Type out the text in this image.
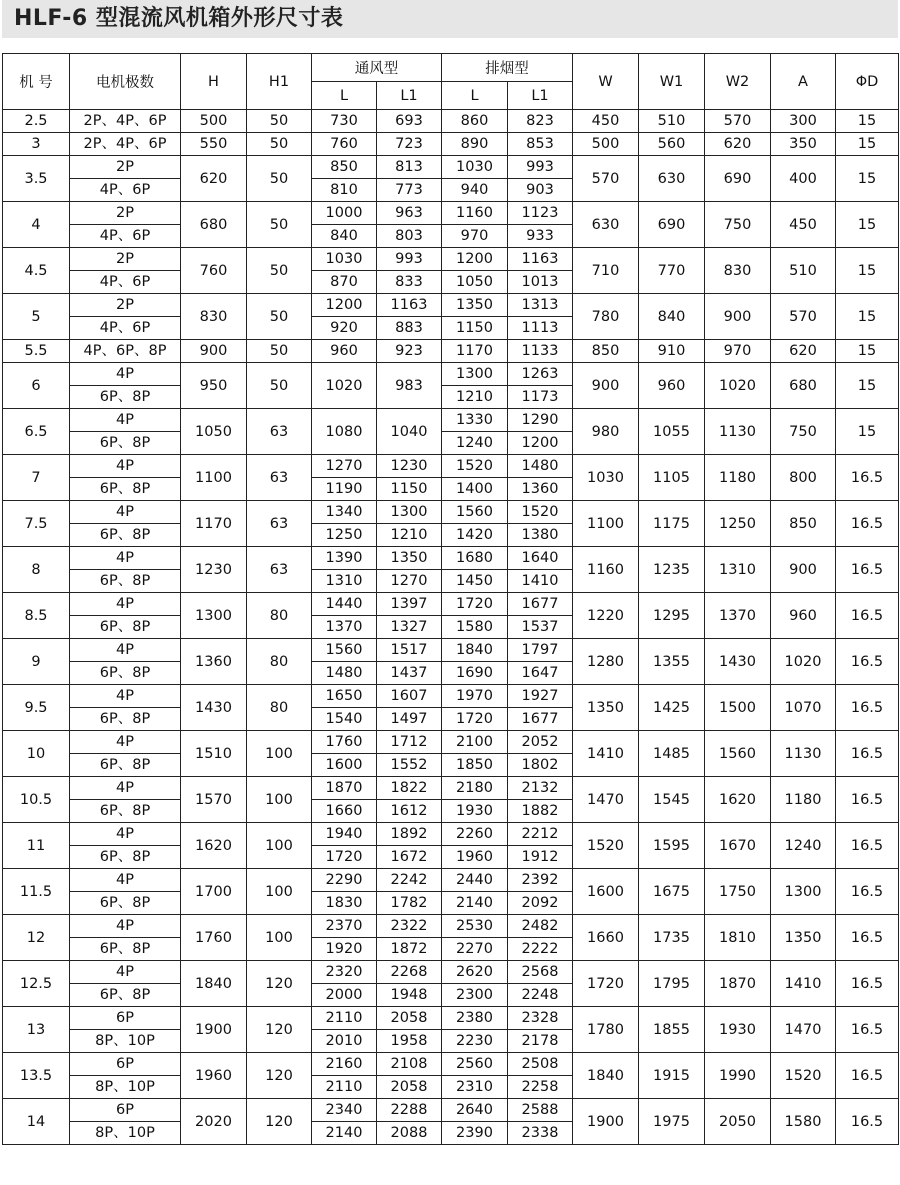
HLF-6 型混流风机箱外形尺寸表
机 号	电机极数	H	H1	通风型		排烟型		W	W1	W2	A	ΦD
				L	L1	L	L1					
2.5	2P、4P、6P	500	50	730	693	860	823	450	510	570	300	15
3	2P、4P、6P	550	50	760	723	890	853	500	560	620	350	15
3.5	2P	620	50	850	813	1030	993	570	630	690	400	15
	4P、6P			810	773	940	903					
4	2P	680	50	1000	963	1160	1123	630	690	750	450	15
	4P、6P			840	803	970	933					
4.5	2P	760	50	1030	993	1200	1163	710	770	830	510	15
	4P、6P			870	833	1050	1013					
5	2P	830	50	1200	1163	1350	1313	780	840	900	570	15
	4P、6P			920	883	1150	1113					
5.5	4P、6P、8P	900	50	960	923	1170	1133	850	910	970	620	15
6	4P	950	50	1020	983	1300	1263	900	960	1020	680	15
	6P、8P					1210	1173					
6.5	4P	1050	63	1080	1040	1330	1290	980	1055	1130	750	15
	6P、8P					1240	1200					
7	4P	1100	63	1270	1230	1520	1480	1030	1105	1180	800	16.5
	6P、8P			1190	1150	1400	1360					
7.5	4P	1170	63	1340	1300	1560	1520	1100	1175	1250	850	16.5
	6P、8P			1250	1210	1420	1380					
8	4P	1230	63	1390	1350	1680	1640	1160	1235	1310	900	16.5
	6P、8P			1310	1270	1450	1410					
8.5	4P	1300	80	1440	1397	1720	1677	1220	1295	1370	960	16.5
	6P、8P			1370	1327	1580	1537					
9	4P	1360	80	1560	1517	1840	1797	1280	1355	1430	1020	16.5
	6P、8P			1480	1437	1690	1647					
9.5	4P	1430	80	1650	1607	1970	1927	1350	1425	1500	1070	16.5
	6P、8P			1540	1497	1720	1677					
10	4P	1510	100	1760	1712	2100	2052	1410	1485	1560	1130	16.5
	6P、8P			1600	1552	1850	1802					
10.5	4P	1570	100	1870	1822	2180	2132	1470	1545	1620	1180	16.5
	6P、8P			1660	1612	1930	1882					
11	4P	1620	100	1940	1892	2260	2212	1520	1595	1670	1240	16.5
	6P、8P			1720	1672	1960	1912					
11.5	4P	1700	100	2290	2242	2440	2392	1600	1675	1750	1300	16.5
	6P、8P			1830	1782	2140	2092					
12	4P	1760	100	2370	2322	2530	2482	1660	1735	1810	1350	16.5
	6P、8P			1920	1872	2270	2222					
12.5	4P	1840	120	2320	2268	2620	2568	1720	1795	1870	1410	16.5
	6P、8P			2000	1948	2300	2248					
13	6P	1900	120	2110	2058	2380	2328	1780	1855	1930	1470	16.5
	8P、10P			2010	1958	2230	2178					
13.5	6P	1960	120	2160	2108	2560	2508	1840	1915	1990	1520	16.5
	8P、10P			2110	2058	2310	2258					
14	6P	2020	120	2340	2288	2640	2588	1900	1975	2050	1580	16.5
	8P、10P			2140	2088	2390	2338					
